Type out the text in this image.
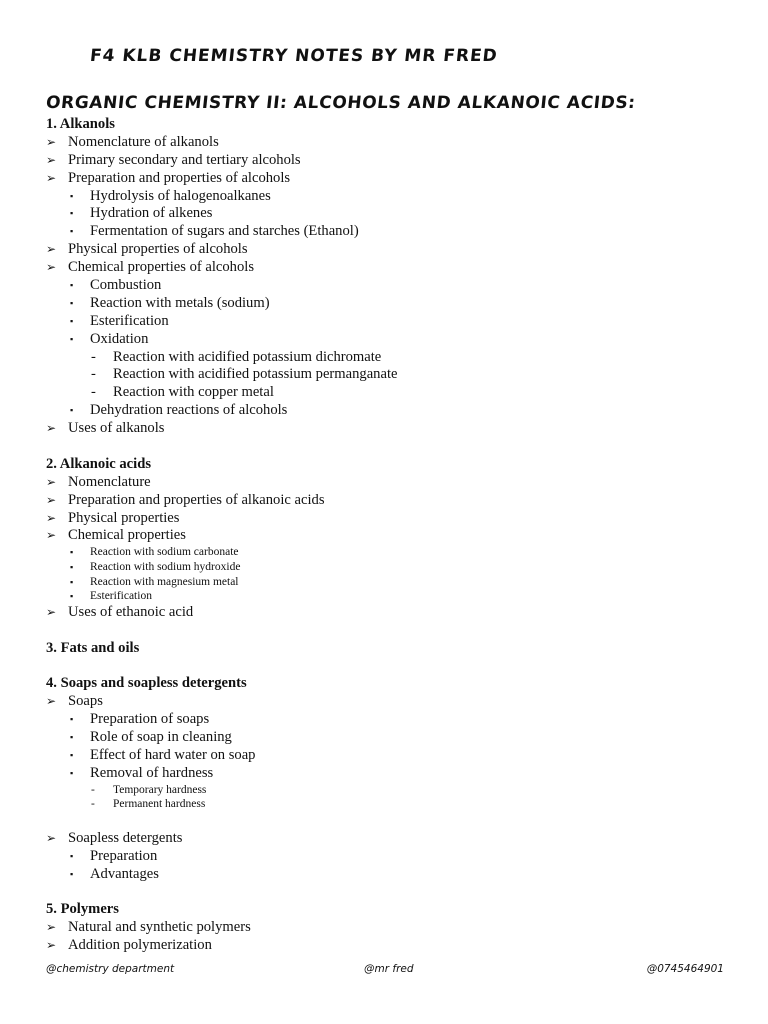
F4 KLB CHEMISTRY NOTES BY MR FRED
ORGANIC CHEMISTRY II: ALCOHOLS AND ALKANOIC ACIDS:
1. Alkanols
➢ Nomenclature of alkanols
➢ Primary secondary and tertiary alcohols
➢ Preparation and properties of alcohols
▪ Hydrolysis of halogenoalkanes
▪ Hydration of alkenes
▪ Fermentation of sugars and starches (Ethanol)
➢ Physical properties of alcohols
➢ Chemical properties of alcohols
▪ Combustion
▪ Reaction with metals (sodium)
▪ Esterification
▪ Oxidation
- Reaction with acidified potassium dichromate
- Reaction with acidified potassium permanganate
- Reaction with copper metal
▪ Dehydration reactions of alcohols
➢ Uses of alkanols
2. Alkanoic acids
➢ Nomenclature
➢ Preparation and properties of alkanoic acids
➢ Physical properties
➢ Chemical properties
▪ Reaction with sodium carbonate
▪ Reaction with sodium hydroxide
▪ Reaction with magnesium metal
▪ Esterification
➢ Uses of ethanoic acid
3. Fats and oils
4. Soaps and soapless detergents
➢ Soaps
▪ Preparation of soaps
▪ Role of soap in cleaning
▪ Effect of hard water on soap
▪ Removal of hardness
- Temporary hardness
- Permanent hardness
➢ Soapless detergents
▪ Preparation
▪ Advantages
5. Polymers
➢ Natural and synthetic polymers
➢ Addition polymerization
@chemistry department	@mr fred	@0745464901
